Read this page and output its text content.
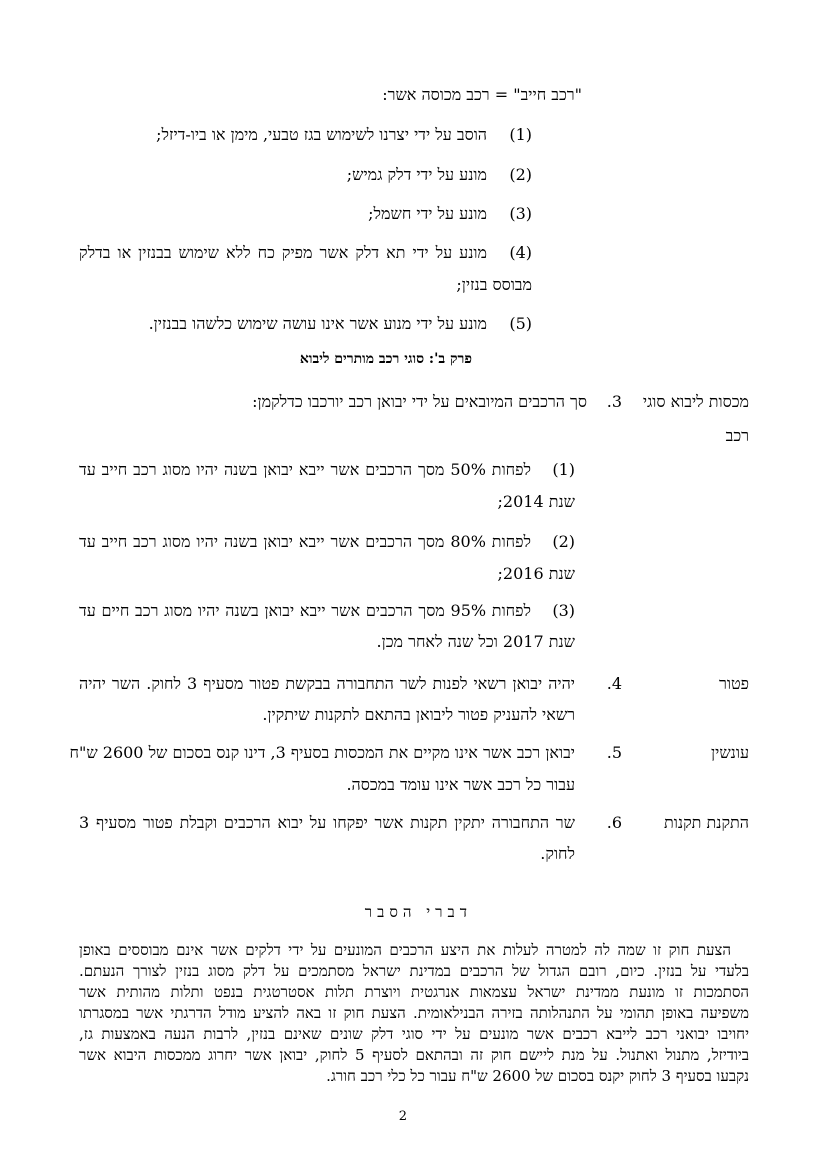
"רכב חייב" = רכב מכוסה אשר:
(1)
הוסב על ידי יצרנו לשימוש בגז טבעי, מימן או ביו-דיזל;
(2)
מונע על ידי דלק גמיש;
(3)
מונע על ידי חשמל;
(4)
מונע על ידי תא דלק אשר מפיק כח ללא שימוש בבנזין או בדלק
מבוסס בנזין;
(5)
מונע על ידי מנוע אשר אינו עושה שימוש כלשהו בבנזין.
פרק ב': סוגי רכב מותרים ליבוא
מכסות ליבוא סוגי
רכב
3.
סך הרכבים המיובאים על ידי יבואן רכב יורכבו כדלקמן:
(1)
לפחות 50% מסך הרכבים אשר ייבא יבואן בשנה יהיו מסוג רכב חייב עד
שנת 2014;
(2)
לפחות 80% מסך הרכבים אשר ייבא יבואן בשנה יהיו מסוג רכב חייב עד
שנת 2016;
(3)
לפחות 95% מסך הרכבים אשר ייבא יבואן בשנה יהיו מסוג רכב חיים עד
שנת 2017 וכל שנה לאחר מכן.
פטור
4.
יהיה יבואן רשאי לפנות לשר התחבורה בבקשת פטור מסעיף 3 לחוק. השר יהיה
רשאי להעניק פטור ליבואן בהתאם לתקנות שיתקין.
עונשין
5.
יבואן רכב אשר אינו מקיים את המכסות בסעיף 3, דינו קנס בסכום של 2600 ש"ח
עבור כל רכב אשר אינו עומד במכסה.
התקנת תקנות
6.
שר התחבורה יתקין תקנות אשר יפקחו על יבוא הרכבים וקבלת פטור מסעיף 3
לחוק.
דברי הסבר
הצעת חוק זו שמה לה למטרה לעלות את היצע הרכבים המונעים על ידי דלקים אשר אינם מבוססים באופן
בלעדי על בנזין. כיום, רובם הגדול של הרכבים במדינת ישראל מסתמכים על דלק מסוג בנזין לצורך הנעתם.
הסתמכות זו מונעת ממדינת ישראל עצמאות אנרגטית ויוצרת תלות אסטרטגית בנפט ותלות מהותית אשר
משפיעה באופן תהומי על התנהלותה בזירה הבנילאומית. הצעת חוק זו באה להציע מודל הדרגתי אשר במסגרתו
יחויבו יבואני רכב לייבא רכבים אשר מונעים על ידי סוגי דלק שונים שאינם בנזין, לרבות הנעה באמצעות גז,
ביודיזל, מתנול ואתנול. על מנת ליישם חוק זה ובהתאם לסעיף 5 לחוק, יבואן אשר יחרוג ממכסות היבוא אשר
נקבעו בסעיף 3 לחוק יקנס בסכום של 2600 ש"ח עבור כל כלי רכב חורג.
2
